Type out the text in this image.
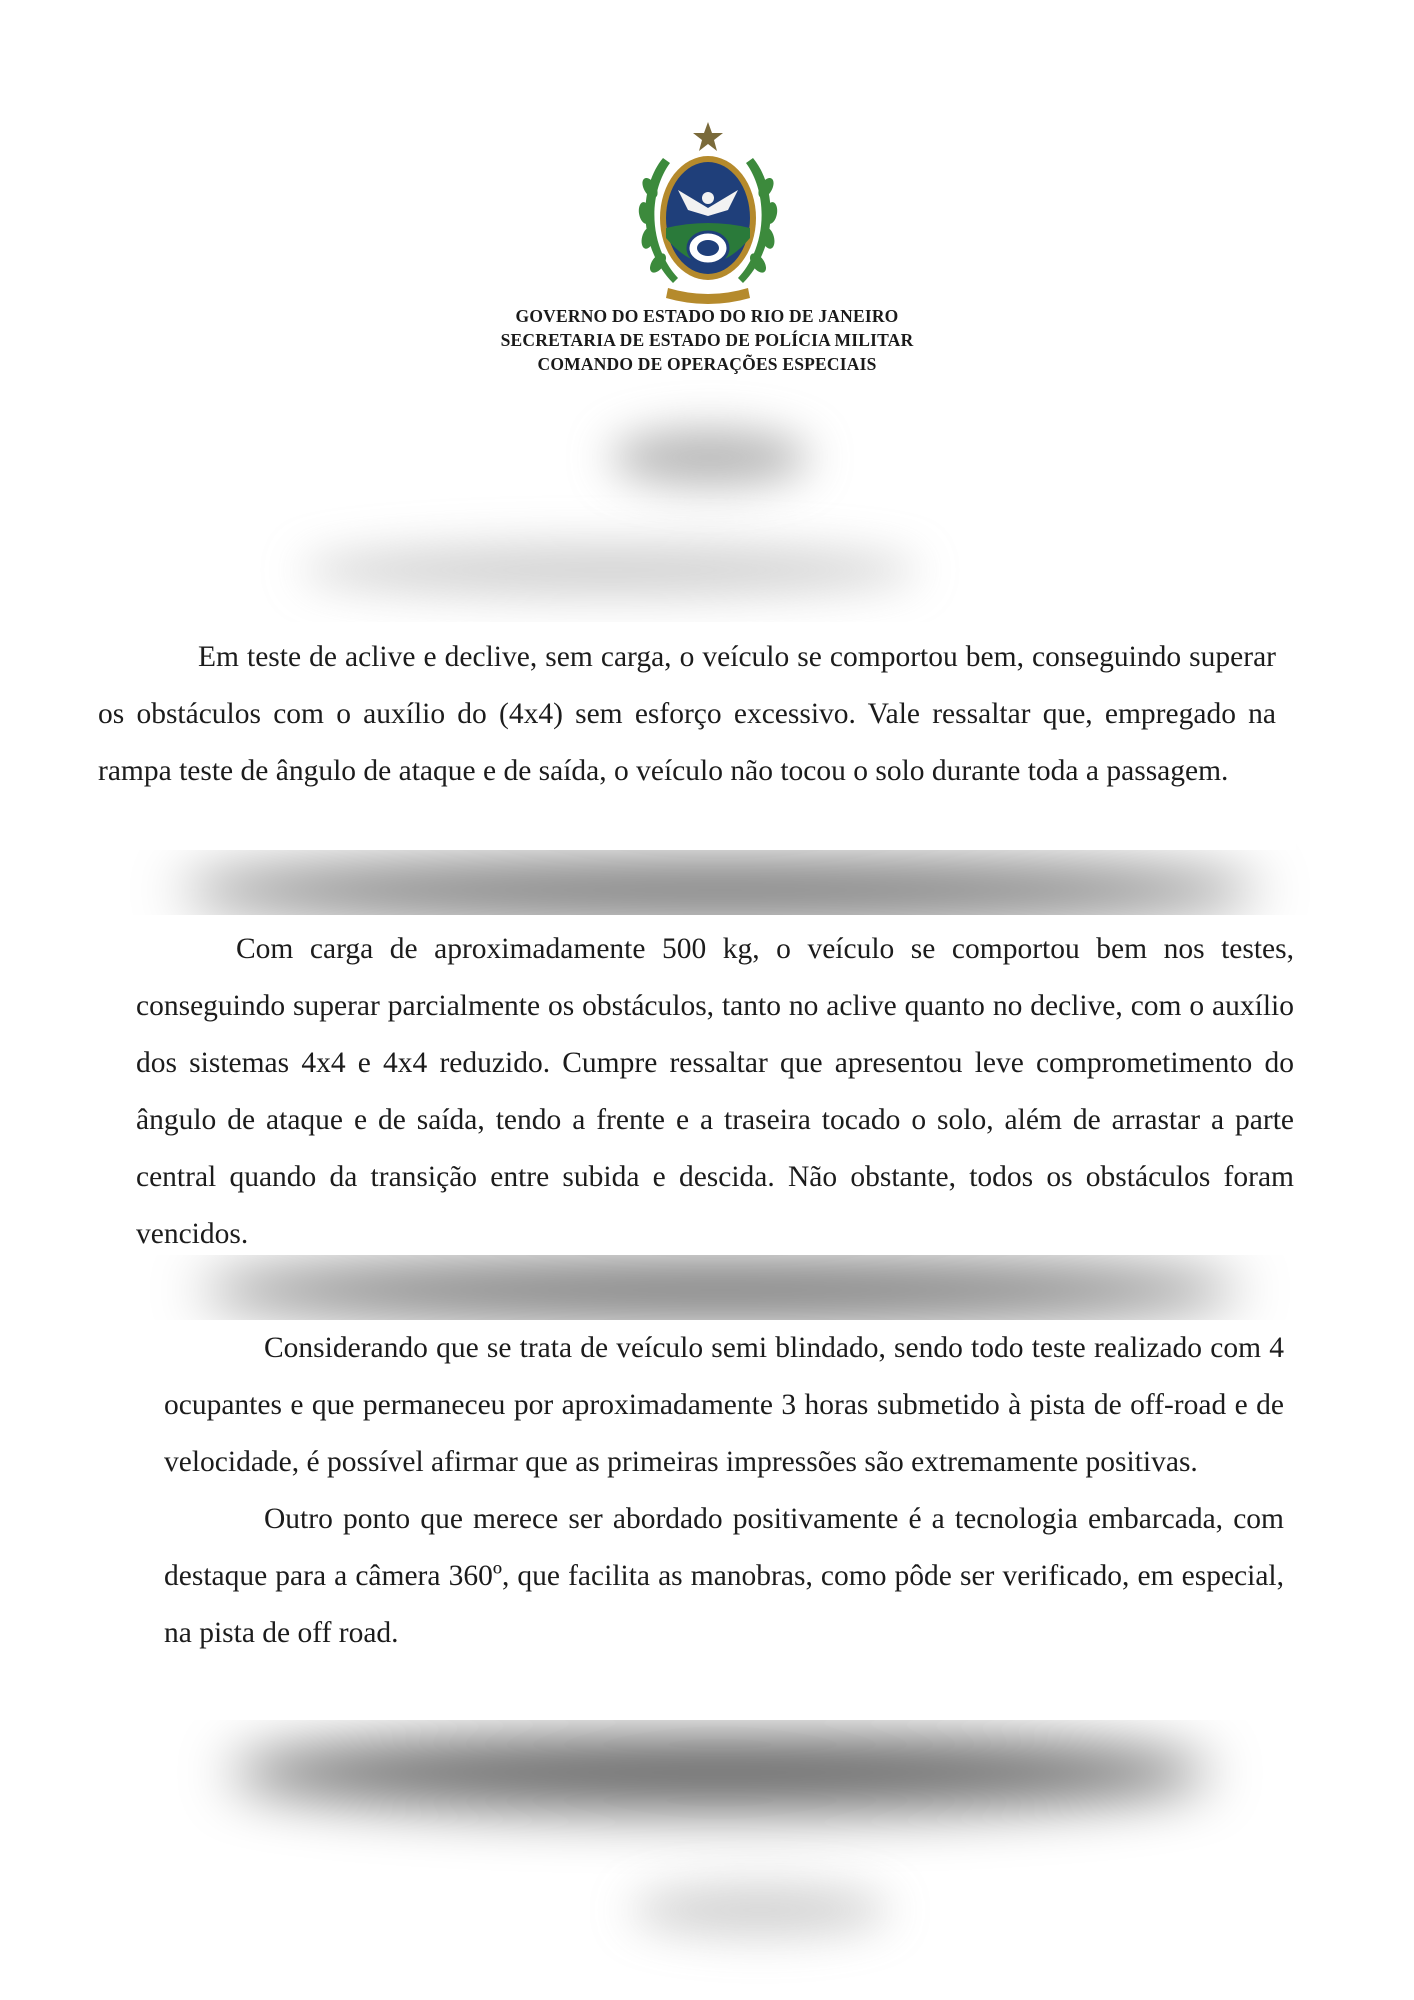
GOVERNO DO ESTADO DO RIO DE JANEIRO
SECRETARIA DE ESTADO DE POLÍCIA MILITAR
COMANDO DE OPERAÇÕES ESPECIAIS

Em teste de aclive e declive, sem carga, o veículo se comportou bem, conseguindo superar os obstáculos com o auxílio do (4x4) sem esforço excessivo. Vale ressaltar que, empregado na rampa teste de ângulo de ataque e de saída, o veículo não tocou o solo durante toda a passagem.

Com carga de aproximadamente 500 kg, o veículo se comportou bem nos testes, conseguindo superar parcialmente os obstáculos, tanto no aclive quanto no declive, com o auxílio dos sistemas 4x4 e 4x4 reduzido. Cumpre ressaltar que apresentou leve comprometimento do ângulo de ataque e de saída, tendo a frente e a traseira tocado o solo, além de arrastar a parte central quando da transição entre subida e descida. Não obstante, todos os obstáculos foram vencidos.

Considerando que se trata de veículo semi blindado, sendo todo teste realizado com 4 ocupantes e que permaneceu por aproximadamente 3 horas submetido à pista de off-road e de velocidade, é possível afirmar que as primeiras impressões são extremamente positivas.

Outro ponto que merece ser abordado positivamente é a tecnologia embarcada, com destaque para a câmera 360º, que facilita as manobras, como pôde ser verificado, em especial, na pista de off road.
